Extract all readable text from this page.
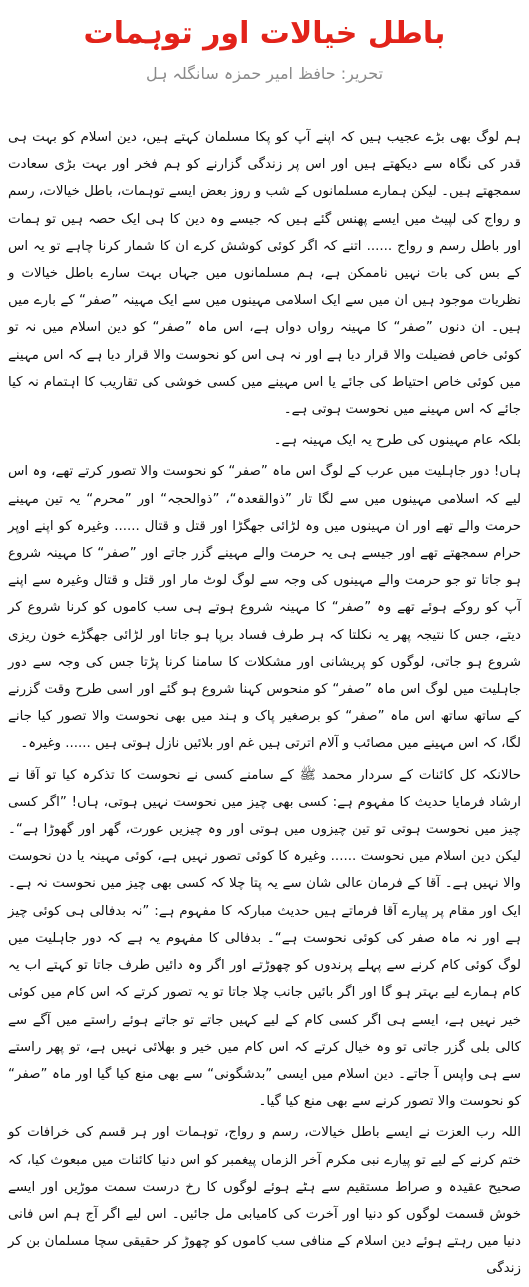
باطل خیالات اور توہمات

تحریر: حافظ امیر حمزہ سانگلہ ہل

ہم لوگ بھی بڑے عجیب ہیں کہ اپنے آپ کو پکا مسلمان کہتے ہیں، دین اسلام کو بہت ہی قدر کی نگاہ سے دیکھتے ہیں اور اس پر زندگی گزارنے کو ہم فخر اور بہت بڑی سعادت سمجھتے ہیں۔ لیکن ہمارے مسلمانوں کے شب و روز بعض ایسے توہمات، باطل خیالات، رسم و رواج کی لپیٹ میں ایسے پھنس گئے ہیں کہ جیسے وہ دین کا ہی ایک حصہ ہیں تو ہمات اور باطل رسم و رواج ...... اتنے کہ اگر کوئی کوشش کرے ان کا شمار کرنا چاہے تو یہ اس کے بس کی بات نہیں ناممکن ہے، ہم مسلمانوں میں جہاں بہت سارے باطل خیالات و نظریات موجود ہیں ان میں سے ایک اسلامی مہینوں میں سے ایک مہینہ ”صفر“ کے بارے میں ہیں۔ ان دنوں ”صفر“ کا مہینہ رواں دواں ہے، اس ماہ ”صفر“ کو دین اسلام میں نہ تو کوئی خاص فضیلت والا قرار دیا ہے اور نہ ہی اس کو نحوست والا قرار دیا ہے کہ اس مہینے میں کوئی خاص احتیاط کی جائے یا اس مہینے میں کسی خوشی کی تقاریب کا اہتمام نہ کیا جائے کہ اس مہینے میں نحوست ہوتی ہے۔

بلکہ عام مہینوں کی طرح یہ ایک مہینہ ہے۔

ہاں! دور جاہلیت میں عرب کے لوگ اس ماہ ”صفر“ کو نحوست والا تصور کرتے تھے، وہ اس لیے کہ اسلامی مہینوں میں سے لگا تار ”ذوالقعدہ“، ”ذوالحجہ“ اور ”محرم“ یہ تین مہینے حرمت والے تھے اور ان مہینوں میں وہ لڑائی جھگڑا اور قتل و قتال ...... وغیرہ کو اپنے اوپر حرام سمجھتے تھے اور جیسے ہی یہ حرمت والے مہینے گزر جاتے اور ”صفر“ کا مہینہ شروع ہو جاتا تو جو حرمت والے مہینوں کی وجہ سے لوگ لوٹ مار اور قتل و قتال وغیرہ سے اپنے آپ کو روکے ہوئے تھے وہ ”صفر“ کا مہینہ شروع ہوتے ہی سب کاموں کو کرنا شروع کر دیتے، جس کا نتیجہ پھر یہ نکلتا کہ ہر طرف فساد برپا ہو جاتا اور لڑائی جھگڑے خون ریزی شروع ہو جاتی، لوگوں کو پریشانی اور مشکلات کا سامنا کرنا پڑتا جس کی وجہ سے دور جاہلیت میں لوگ اس ماہ ”صفر“ کو منحوس کہنا شروع ہو گئے اور اسی طرح وقت گزرنے کے ساتھ ساتھ اس ماہ ”صفر“ کو برصغیر پاک و ہند میں بھی نحوست والا تصور کیا جانے لگا، کہ اس مہینے میں مصائب و آلام اترتی ہیں غم اور بلائیں نازل ہوتی ہیں ...... وغیرہ۔

حالانکہ کل کائنات کے سردار محمد ﷺ کے سامنے کسی نے نحوست کا تذکرہ کیا تو آقا نے ارشاد فرمایا حدیث کا مفہوم ہے: کسی بھی چیز میں نحوست نہیں ہوتی، ہاں! ”اگر کسی چیز میں نحوست ہوتی تو تین چیزوں میں ہوتی اور وہ چیزیں عورت، گھر اور گھوڑا ہے“۔ لیکن دین اسلام میں نحوست ...... وغیرہ کا کوئی تصور نہیں ہے، کوئی مہینہ یا دن نحوست والا نہیں ہے۔ آقا کے فرمان عالی شان سے یہ پتا چلا کہ کسی بھی چیز میں نحوست نہ ہے۔ ایک اور مقام پر پیارے آقا فرماتے ہیں حدیث مبارکہ کا مفہوم ہے: ”نہ بدفالی ہی کوئی چیز ہے اور نہ ماہ صفر کی کوئی نحوست ہے“۔ بدفالی کا مفہوم یہ ہے کہ دور جاہلیت میں لوگ کوئی کام کرنے سے پہلے پرندوں کو چھوڑتے اور اگر وہ دائیں طرف جاتا تو کہتے اب یہ کام ہمارے لیے بہتر ہو گا اور اگر بائیں جانب چلا جاتا تو یہ تصور کرتے کہ اس کام میں کوئی خیر نہیں ہے، ایسے ہی اگر کسی کام کے لیے کہیں جاتے تو جاتے ہوئے راستے میں آگے سے کالی بلی گزر جاتی تو وہ خیال کرتے کہ اس کام میں خیر و بھلائی نہیں ہے، تو پھر راستے سے ہی واپس آ جاتے۔ دین اسلام میں ایسی ”بدشگونی“ سے بھی منع کیا گیا اور ماہ ”صفر“ کو نحوست والا تصور کرنے سے بھی منع کیا گیا۔

اللہ رب العزت نے ایسے باطل خیالات، رسم و رواج، توہمات اور ہر قسم کی خرافات کو ختم کرنے کے لیے تو پیارے نبی مکرم آخر الزماں پیغمبر کو اس دنیا کائنات میں مبعوث کیا، کہ صحیح عقیدہ و صراط مستقیم سے ہٹے ہوئے لوگوں کا رخ درست سمت موڑیں اور ایسے خوش قسمت لوگوں کو دنیا اور آخرت کی کامیابی مل جائیں۔ اس لیے اگر آج ہم اس فانی دنیا میں رہتے ہوئے دین اسلام کے منافی سب کاموں کو چھوڑ کر حقیقی سچا مسلمان بن کر زندگی
